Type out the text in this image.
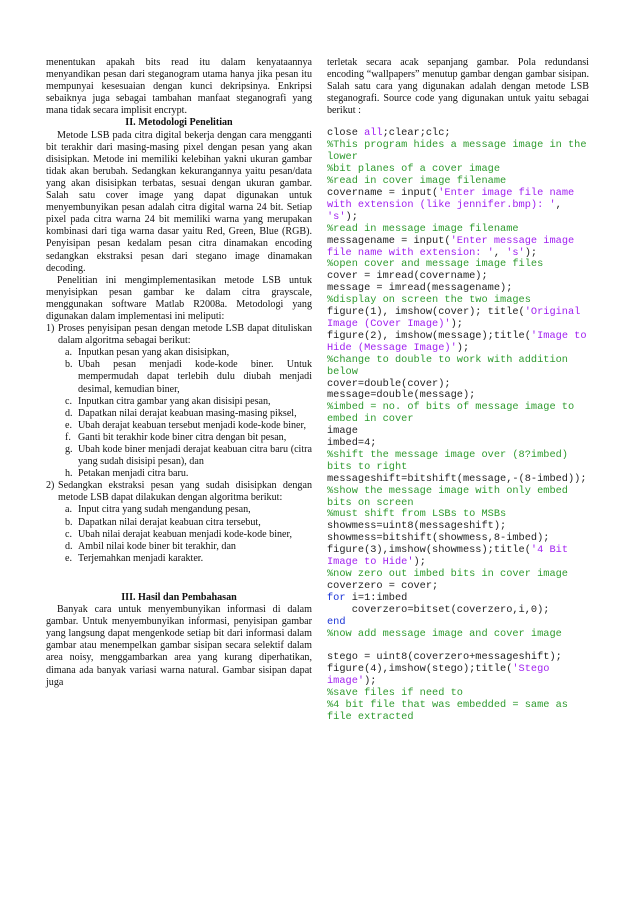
menentukan apakah bits read itu dalam kenyataannya menyandikan pesan dari steganogram utama hanya jika pesan itu mempunyai kesesuaian dengan kunci dekripsinya. Enkripsi sebaiknya juga sebagai tambahan manfaat steganografi yang mana tidak secara implisit encrypt.

II. Metodologi Penelitian

Metode LSB pada citra digital bekerja dengan cara mengganti bit terakhir dari masing-masing pixel dengan pesan yang akan disisipkan. Metode ini memiliki kelebihan yakni ukuran gambar tidak akan berubah. Sedangkan kekurangannya yaitu pesan/data yang akan disisipkan terbatas, sesuai dengan ukuran gambar. Salah satu cover image yang dapat digunakan untuk menyembunyikan pesan adalah citra digital warna 24 bit. Setiap pixel pada citra warna 24 bit memiliki warna yang merupakan kombinasi dari tiga warna dasar yaitu Red, Green, Blue (RGB). Penyisipan pesan kedalam pesan citra dinamakan encoding sedangkan ekstraksi pesan dari stegano image dinamakan decoding.

Penelitian ini mengimplementasikan metode LSB untuk menyisipkan pesan gambar ke dalam citra grayscale, menggunakan software Matlab R2008a. Metodologi yang digunakan dalam implementasi ini meliputi:

1) Proses penyisipan pesan dengan metode LSB dapat dituliskan dalam algoritma sebagai berikut:
a. Inputkan pesan yang akan disisipkan,
b. Ubah pesan menjadi kode-kode biner. Untuk mempermudah dapat terlebih dulu diubah menjadi desimal, kemudian biner,
c. Inputkan citra gambar yang akan disisipi pesan,
d. Dapatkan nilai derajat keabuan masing-masing piksel,
e. Ubah derajat keabuan tersebut menjadi kode-kode biner,
f. Ganti bit terakhir kode biner citra dengan bit pesan,
g. Ubah kode biner menjadi derajat keabuan citra baru (citra yang sudah disisipi pesan), dan
h. Petakan menjadi citra baru.
2) Sedangkan ekstraksi pesan yang sudah disisipkan dengan metode LSB dapat dilakukan dengan algoritma berikut:
a. Input citra yang sudah mengandung pesan,
b. Dapatkan nilai derajat keabuan citra tersebut,
c. Ubah nilai derajat keabuan menjadi kode-kode biner,
d. Ambil nilai kode biner bit terakhir, dan
e. Terjemahkan menjadi karakter.

III. Hasil dan Pembahasan

Banyak cara untuk menyembunyikan informasi di dalam gambar. Untuk menyembunyikan informasi, penyisipan gambar yang langsung dapat mengenkode setiap bit dari informasi dalam gambar atau menempelkan gambar sisipan secara selektif dalam area noisy, menggambarkan area yang kurang diperhatikan, dimana ada banyak variasi warna natural. Gambar sisipan dapat juga

terletak secara acak sepanjang gambar. Pola redundansi encoding “wallpapers” menutup gambar dengan gambar sisipan. Salah satu cara yang digunakan adalah dengan metode LSB steganografi. Source code yang digunakan untuk yaitu sebagai berikut :

close all;clear;clc;
%This program hides a message image in the lower
%bit planes of a cover image
%read in cover image filename
covername = input('Enter image file name with extension (like jennifer.bmp): ', 's');
%read in message image filename
messagename = input('Enter message image file name with extension: ', 's');
%open cover and message image files
cover = imread(covername);
message = imread(messagename);
%display on screen the two images
figure(1), imshow(cover); title('Original Image (Cover Image)');
figure(2), imshow(message);title('Image to Hide (Message Image)');
%change to double to work with addition below
cover=double(cover);
message=double(message);
%imbed = no. of bits of message image to embed in cover
image
imbed=4;
%shift the message image over (8?imbed) bits to right
messageshift=bitshift(message,-(8-imbed));
%show the message image with only embed bits on screen
%must shift from LSBs to MSBs
showmess=uint8(messageshift);
showmess=bitshift(showmess,8-imbed);
figure(3),imshow(showmess);title('4 Bit Image to Hide');
%now zero out imbed bits in cover image
coverzero = cover;
for i=1:imbed
coverzero=bitset(coverzero,i,0);
end
%now add message image and cover image

stego = uint8(coverzero+messageshift);
figure(4),imshow(stego);title('Stego image');
%save files if need to
%4 bit file that was embedded = same as file extracted
